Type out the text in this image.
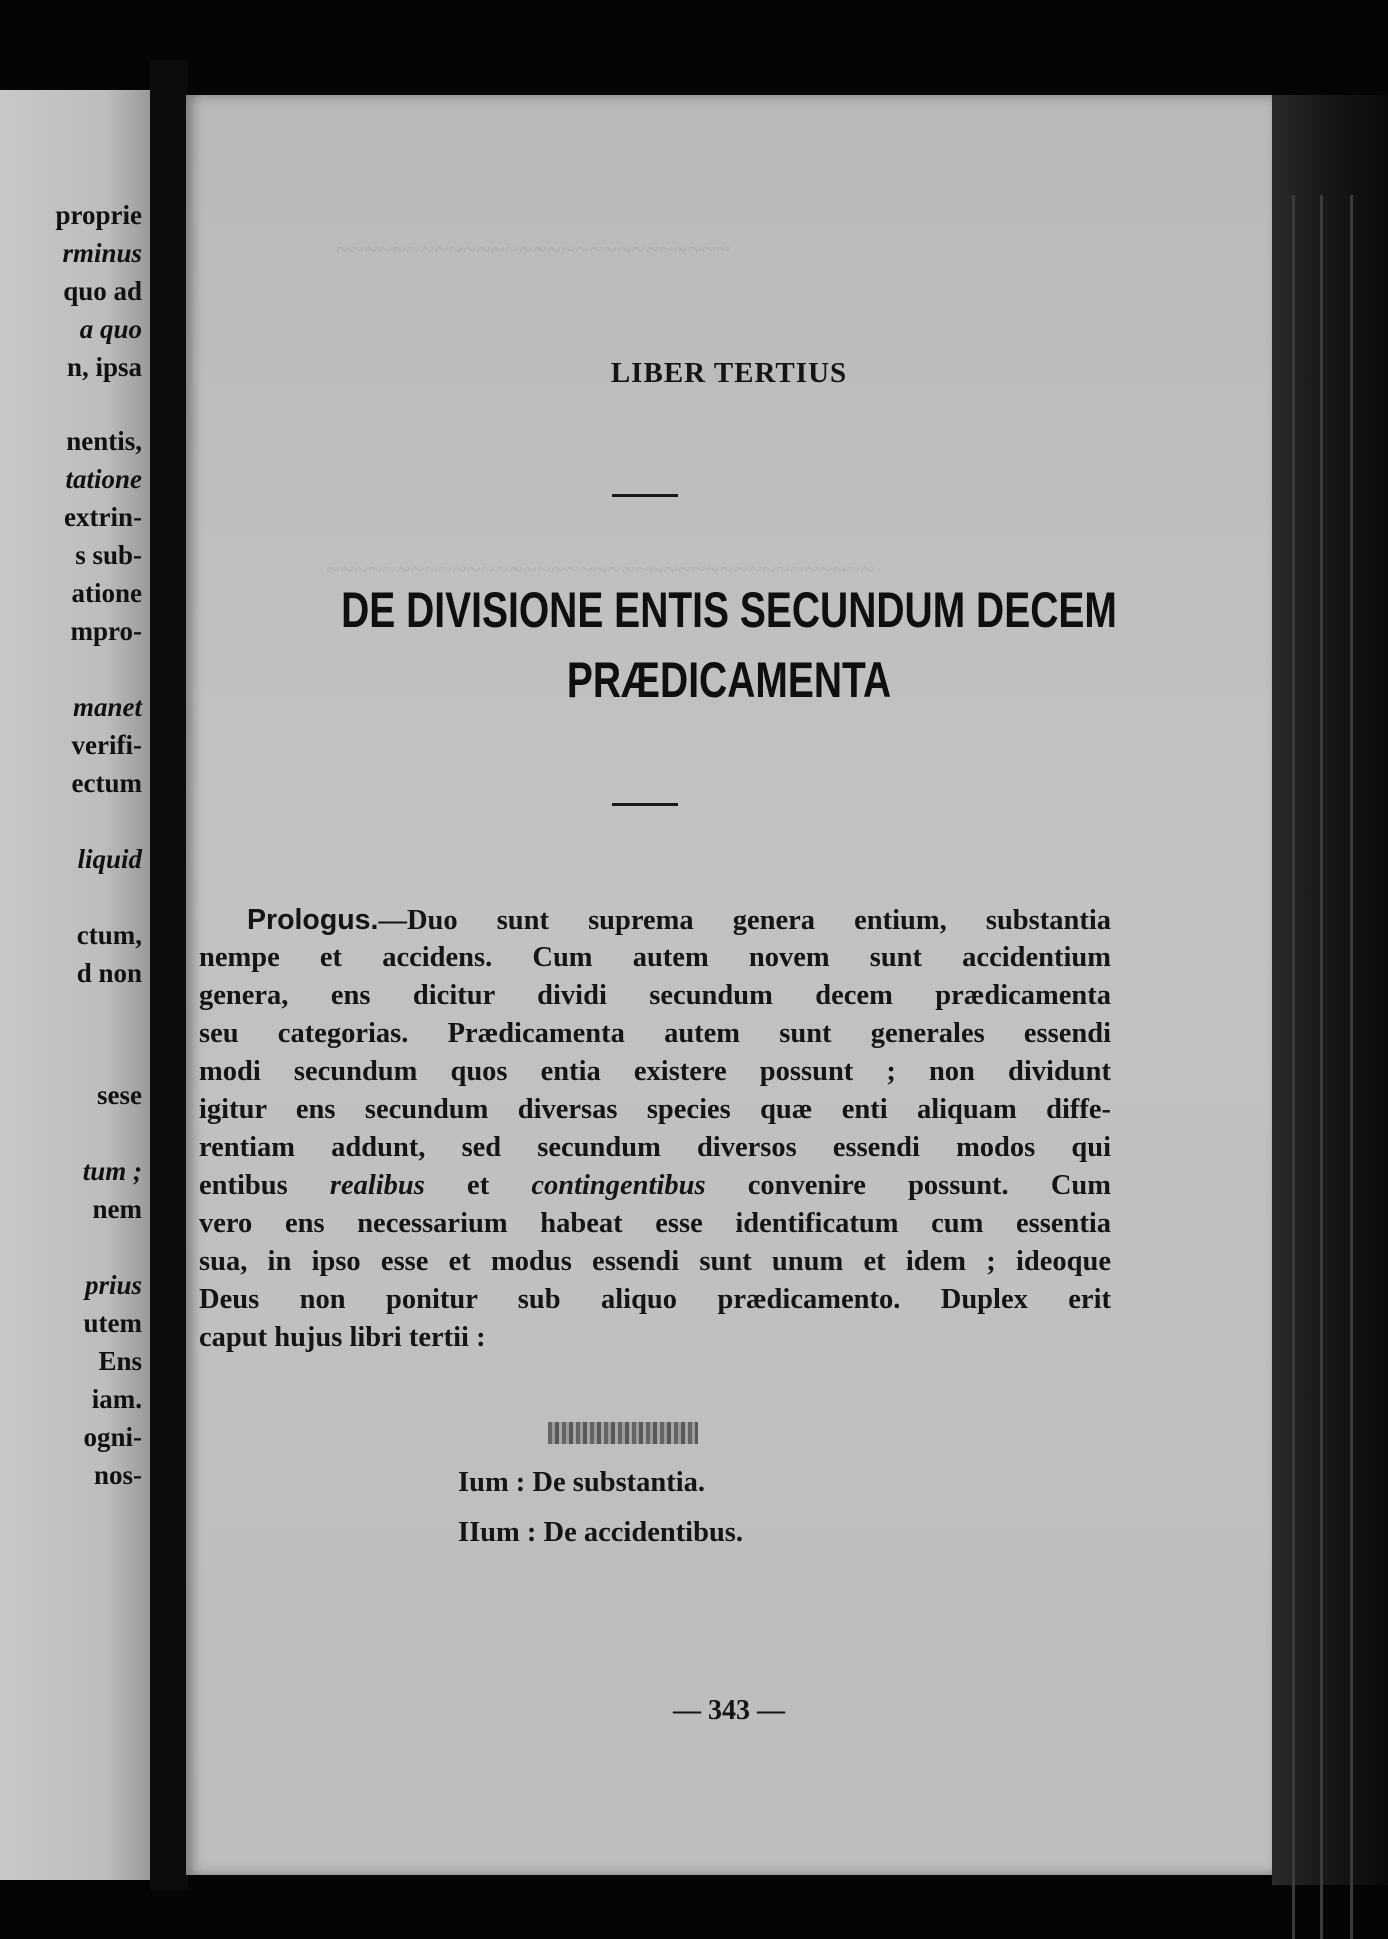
proprie
rminus
quo ad
a quo
n, ipsa
nentis,
tatione
extrin-
s sub-
atione
mpro-
manet
verifi-
ectum
liquid
ctum,
d non
sese
tum ;
nem
prius
utem
Ens
iam.
ogni-
nos-
~~~~~~~~~~~~~~~~~~~~~~~~~~~~
~~~~~~~~~~~~~~~~~~~~~~~~~~~~~~~~~~~~~~~
LIBER TERTIUS
DE DIVISIONE ENTIS SECUNDUM DECEM
PRÆDICAMENTA
Prologus.—Duo sunt suprema genera entium, substantia
nempe et accidens. Cum autem novem sunt accidentium
genera, ens dicitur dividi secundum decem prædicamenta
seu categorias. Prædicamenta autem sunt generales essendi
modi secundum quos entia existere possunt ; non dividunt
igitur ens secundum diversas species quæ enti aliquam diffe-
rentiam addunt, sed secundum diversos essendi modos qui
entibus realibus et contingentibus convenire possunt. Cum
vero ens necessarium habeat esse identificatum cum essentia
sua, in ipso esse et modus essendi sunt unum et idem ; ideoque
Deus non ponitur sub aliquo prædicamento. Duplex erit
caput hujus libri tertii :
Ium : De substantia.
IIum : De accidentibus.
— 343 —
